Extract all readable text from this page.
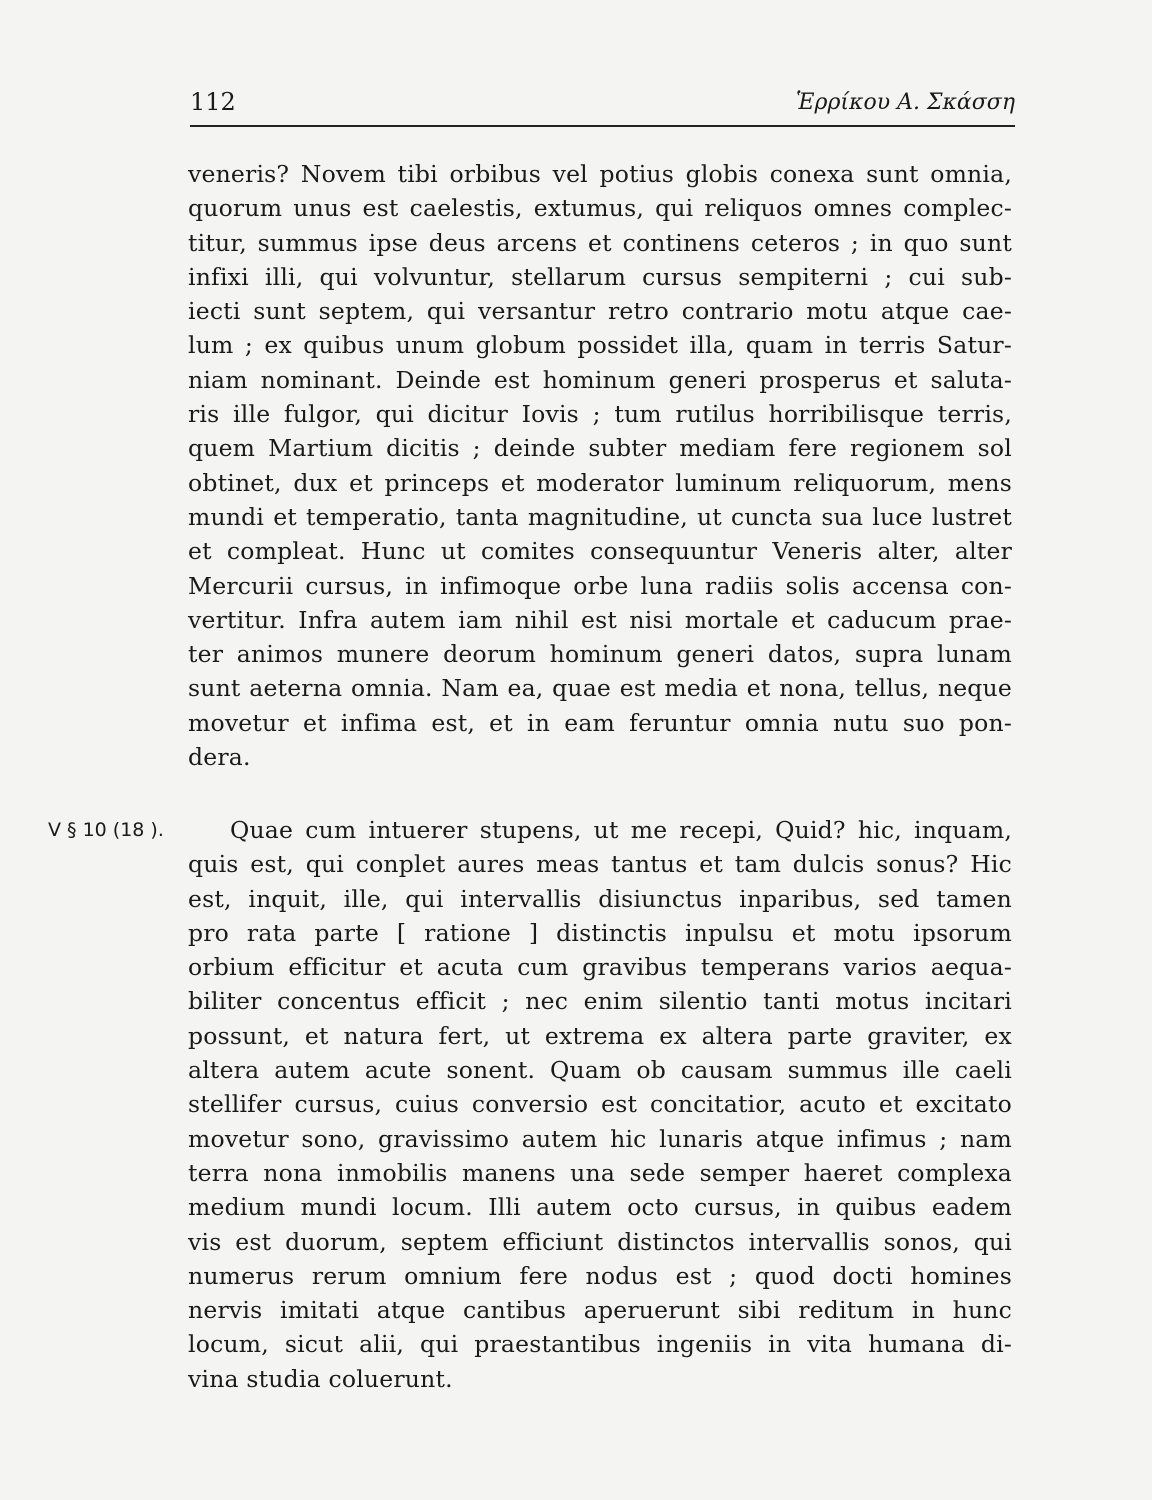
112	Ἑρρίκου Α. Σκάσση
veneris? Novem tibi orbibus vel potius globis conexa sunt omnia,
quorum unus est caelestis, extumus, qui reliquos omnes complec-
titur, summus ipse deus arcens et continens ceteros ; in quo sunt
infixi illi, qui volvuntur, stellarum cursus sempiterni ; cui sub-
iecti sunt septem, qui versantur retro contrario motu atque cae-
lum ; ex quibus unum globum possidet illa, quam in terris Satur-
niam nominant. Deinde est hominum generi prosperus et saluta-
ris ille fulgor, qui dicitur Iovis ; tum rutilus horribilisque terris,
quem Martium dicitis ; deinde subter mediam fere regionem sol
obtinet, dux et princeps et moderator luminum reliquorum, mens
mundi et temperatio, tanta magnitudine, ut cuncta sua luce lustret
et compleat. Hunc ut comites consequuntur Veneris alter, alter
Mercurii cursus, in infimoque orbe luna radiis solis accensa con-
vertitur. Infra autem iam nihil est nisi mortale et caducum prae-
ter animos munere deorum hominum generi datos, supra lunam
sunt aeterna omnia. Nam ea, quae est media et nona, tellus, neque
movetur et infima est, et in eam feruntur omnia nutu suo pon-
dera.
V § 10 (18 ).	Quae cum intuerer stupens, ut me recepi, Quid? hic, inquam,
quis est, qui conplet aures meas tantus et tam dulcis sonus? Hic
est, inquit, ille, qui intervallis disiunctus inparibus, sed tamen
pro rata parte [ ratione ] distinctis inpulsu et motu ipsorum
orbium efficitur et acuta cum gravibus temperans varios aequa-
biliter concentus efficit ; nec enim silentio tanti motus incitari
possunt, et natura fert, ut extrema ex altera parte graviter, ex
altera autem acute sonent. Quam ob causam summus ille caeli
stellifer cursus, cuius conversio est concitatior, acuto et excitato
movetur sono, gravissimo autem hic lunaris atque infimus ; nam
terra nona inmobilis manens una sede semper haeret complexa
medium mundi locum. Illi autem octo cursus, in quibus eadem
vis est duorum, septem efficiunt distinctos intervallis sonos, qui
numerus rerum omnium fere nodus est ; quod docti homines
nervis imitati atque cantibus aperuerunt sibi reditum in hunc
locum, sicut alii, qui praestantibus ingeniis in vita humana di-
vina studia coluerunt.
